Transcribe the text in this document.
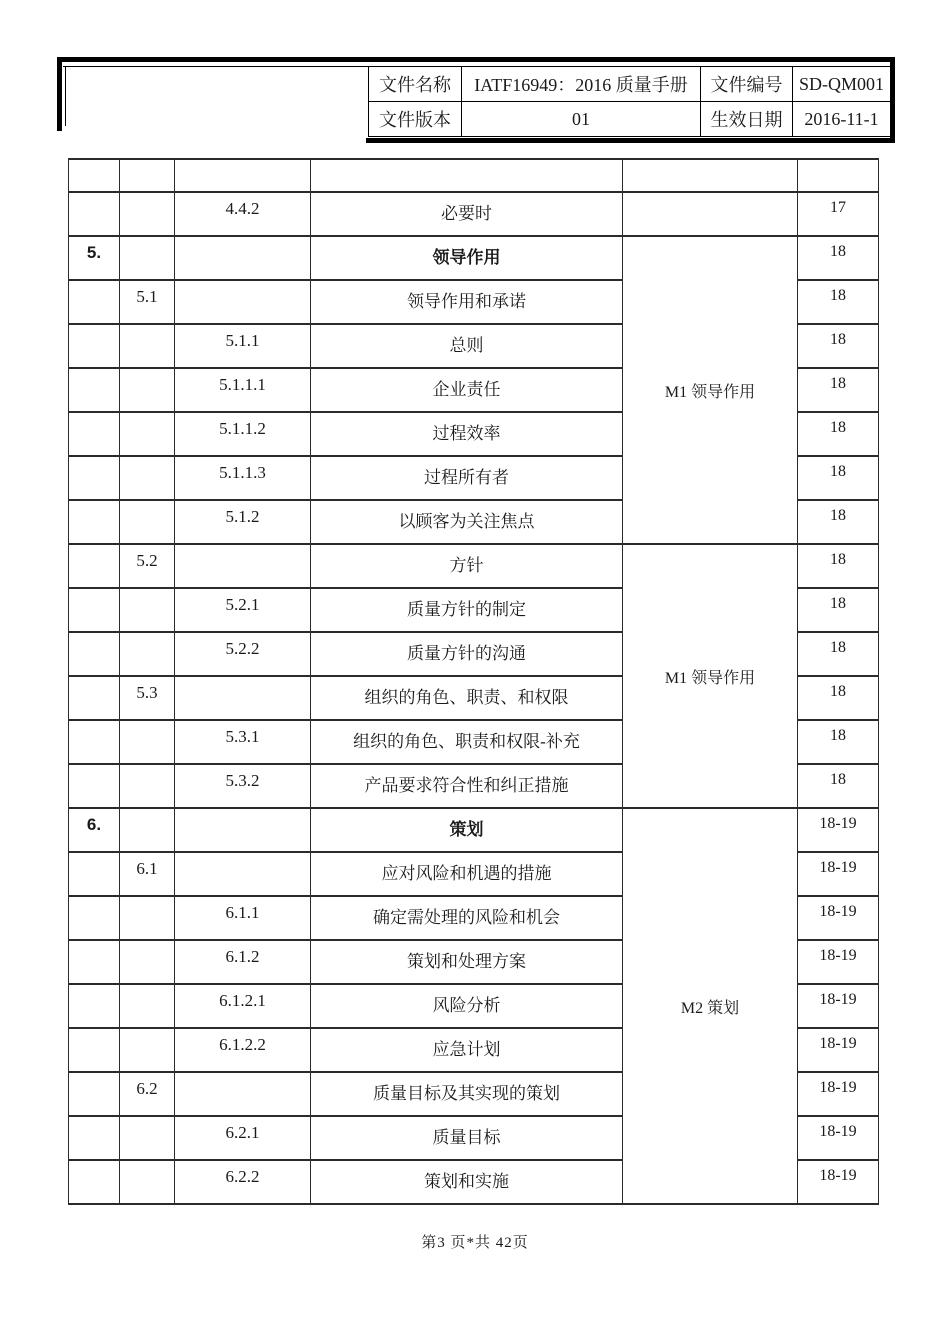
文件名称	IATF16949：2016 质量手册	文件编号	SD-QM001
文件版本	01	生效日期	2016-11-1

		4.4.2	必要时		17
5.			领导作用	M1 领导作用	18
	5.1		领导作用和承诺		18
		5.1.1	总则		18
		5.1.1.1	企业责任		18
		5.1.1.2	过程效率		18
		5.1.1.3	过程所有者		18
		5.1.2	以顾客为关注焦点		18
	5.2		方针	M1 领导作用	18
		5.2.1	质量方针的制定		18
		5.2.2	质量方针的沟通		18
	5.3		组织的角色、职责、和权限		18
		5.3.1	组织的角色、职责和权限-补充		18
		5.3.2	产品要求符合性和纠正措施		18
6.			策划	M2 策划	18-19
	6.1		应对风险和机遇的措施		18-19
		6.1.1	确定需处理的风险和机会		18-19
		6.1.2	策划和处理方案		18-19
		6.1.2.1	风险分析		18-19
		6.1.2.2	应急计划		18-19
	6.2		质量目标及其实现的策划		18-19
		6.2.1	质量目标		18-19
		6.2.2	策划和实施		18-19
第3 页*共 42页
